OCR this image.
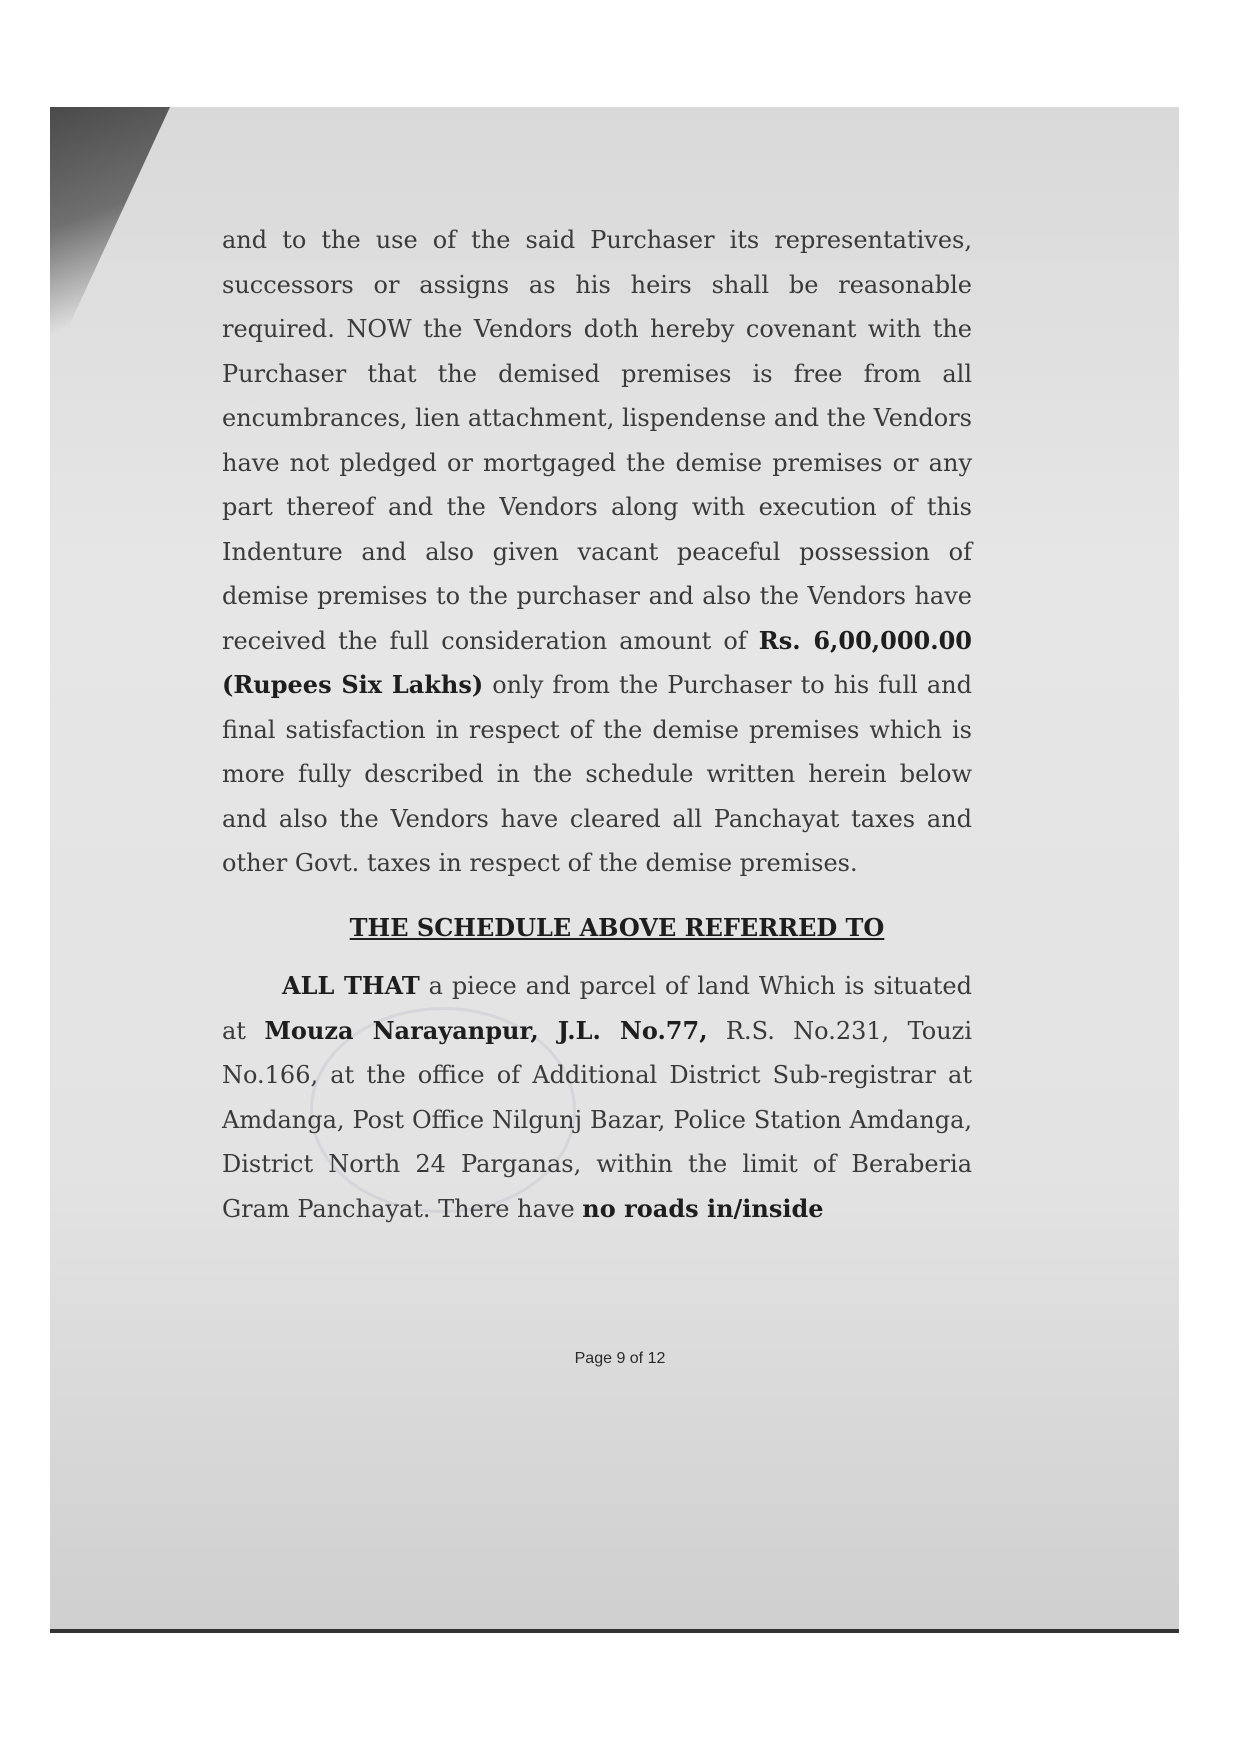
and to the use of the said Purchaser its representatives, successors or assigns as his heirs shall be reasonable required. NOW the Vendors doth hereby covenant with the Purchaser that the demised premises is free from all encumbrances, lien attachment, lispendense and the Vendors have not pledged or mortgaged the demise premises or any part thereof and the Vendors along with execution of this Indenture and also given vacant peaceful possession of demise premises to the purchaser and also the Vendors have received the full consideration amount of Rs. 6,00,000.00 (Rupees Six Lakhs) only from the Purchaser to his full and final satisfaction in respect of the demise premises which is more fully described in the schedule written herein below and also the Vendors have cleared all Panchayat taxes and other Govt. taxes in respect of the demise premises.

THE SCHEDULE ABOVE REFERRED TO

ALL THAT a piece and parcel of land Which is situated at Mouza Narayanpur, J.L. No.77, R.S. No.231, Touzi No.166, at the office of Additional District Sub-registrar at Amdanga, Post Office Nilgunj Bazar, Police Station Amdanga, District North 24 Parganas, within the limit of Beraberia Gram Panchayat. There have no roads in/inside

Page 9 of 12
